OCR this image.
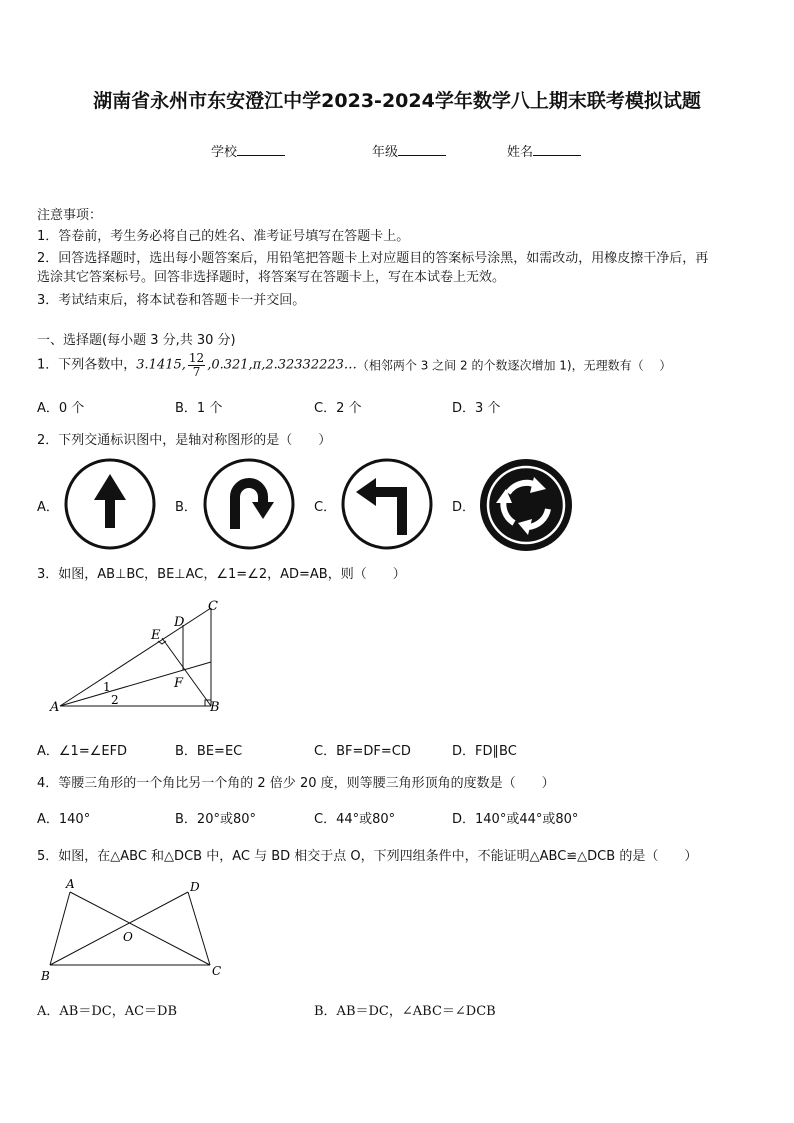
湖南省永州市东安澄江中学2023-2024学年数学八上期末联考模拟试题
学校	年级	姓名
注意事项：
1．答卷前，考生务必将自己的姓名、准考证号填写在答题卡上。
2．回答选择题时，选出每小题答案后，用铅笔把答题卡上对应题目的答案标号涂黑，如需改动，用橡皮擦干净后，再
选涂其它答案标号。回答非选择题时，将答案写在答题卡上，写在本试卷上无效。
3．考试结束后，将本试卷和答题卡一并交回。
一、选择题(每小题 3 分,共 30 分)
1．下列各数中，3.1415, $\frac{12}{7}$ ,0.321,π,2.32332223…（相邻两个 3 之间 2 的个数逐次增加 1)，无理数有（　 ）
A．0 个	B．1 个	C．2 个	D．3 个
2．下列交通标识图中，是轴对称图形的是（　　）
A．	B．	C．	D．
3．如图，AB⊥BC，BE⊥AC，∠1=∠2，AD=AB，则（　　）
A	B
C
D
E
F
1
2
A．∠1=∠EFD	B．BE=EC	C．BF=DF=CD	D．FD∥BC
4．等腰三角形的一个角比另一个角的 2 倍少 20 度，则等腰三角形顶角的度数是（　　）
A．140°	B．20°或80°	C．44°或80°	D．140°或44°或80°
5．如图，在△ABC 和△DCB 中，AC 与 BD 相交于点 O，下列四组条件中，不能证明△ABC≌△DCB 的是（　　）
A
B	C
D
O
A．AB＝DC，AC＝DB	B．AB＝DC，∠ABC＝∠DCB
